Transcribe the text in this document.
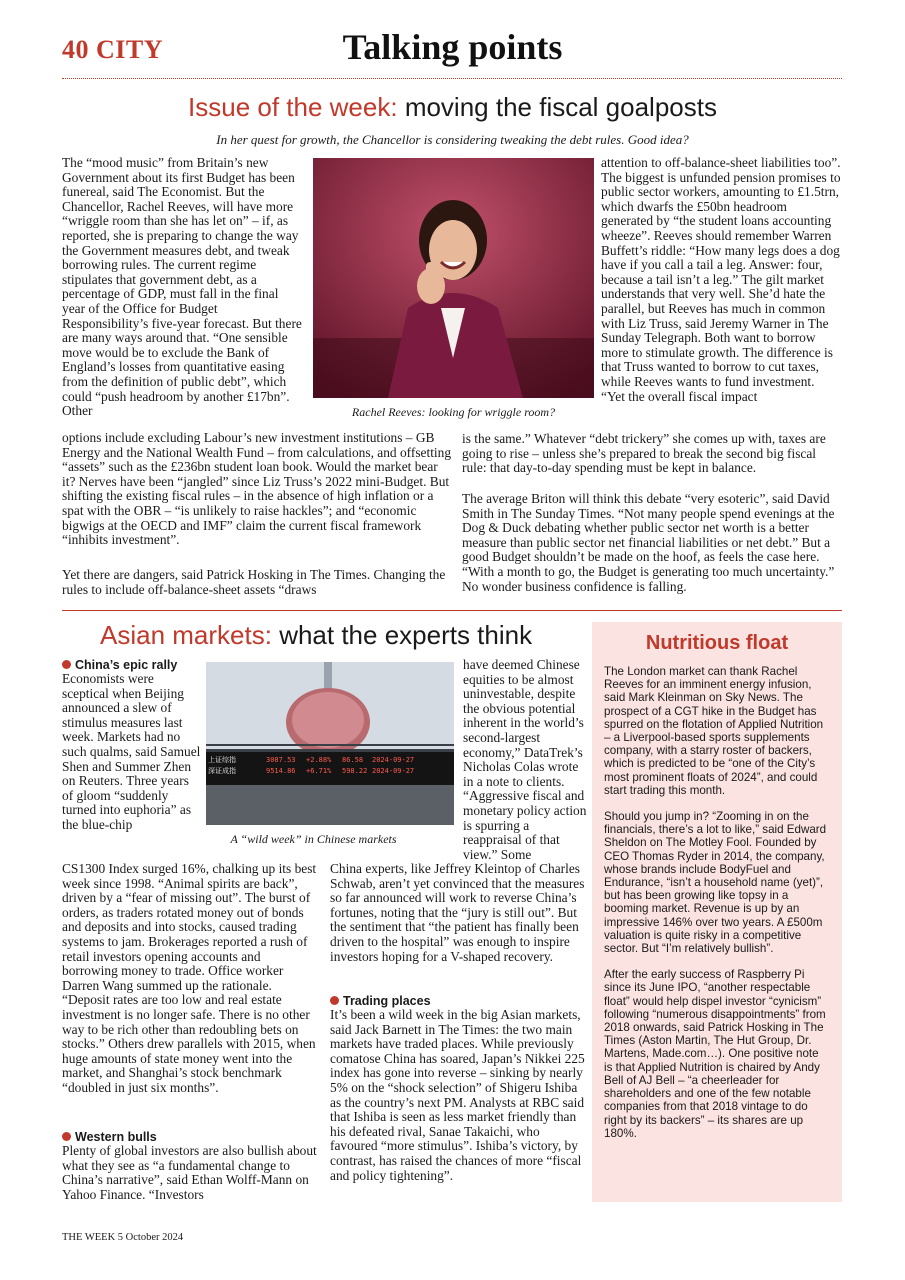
40 CITY	Talking points
Issue of the week: moving the fiscal goalposts
In her quest for growth, the Chancellor is considering tweaking the debt rules. Good idea?
The “mood music” from Britain’s new Government about its first Budget has been funereal, said The Economist. But the Chancellor, Rachel Reeves, will have more “wriggle room than she has let on” – if, as reported, she is preparing to change the way the Government measures debt, and tweak borrowing rules. The current regime stipulates that government debt, as a percentage of GDP, must fall in the final year of the Office for Budget Responsibility’s five-year forecast. But there are many ways around that. “One sensible move would be to exclude the Bank of England’s losses from quantitative easing from the definition of public debt”, which could “push headroom by another £17bn”. Other	Rachel Reeves: looking for wriggle room?
options include excluding Labour’s new investment institutions – GB Energy and the National Wealth Fund – from calculations, and offsetting “assets” such as the £236bn student loan book. Would the market bear it? Nerves have been “jangled” since Liz Truss’s 2022 mini-Budget. But shifting the existing fiscal rules – in the absence of high inflation or a spat with the OBR – “is unlikely to raise hackles”; and “economic bigwigs at the OECD and IMF” claim the current fiscal framework “inhibits investment”.
Yet there are dangers, said Patrick Hosking in The Times. Changing the rules to include off-balance-sheet assets “draws
attention to off-balance-sheet liabilities too”. The biggest is unfunded pension promises to public sector workers, amounting to £1.5trn, which dwarfs the £50bn headroom generated by “the student loans accounting wheeze”. Reeves should remember Warren Buffett’s riddle: “How many legs does a dog have if you call a tail a leg. Answer: four, because a tail isn’t a leg.” The gilt market understands that very well. She’d hate the parallel, but Reeves has much in common with Liz Truss, said Jeremy Warner in The Sunday Telegraph. Both want to borrow more to stimulate growth. The difference is that Truss wanted to borrow to cut taxes, while Reeves wants to fund investment. “Yet the overall fiscal impact
is the same.” Whatever “debt trickery” she comes up with, taxes are going to rise – unless she’s prepared to break the second big fiscal rule: that day-to-day spending must be kept in balance.
The average Briton will think this debate “very esoteric”, said David Smith in The Sunday Times. “Not many people spend evenings at the Dog & Duck debating whether public sector net worth is a better measure than public sector net financial liabilities or net debt.” But a good Budget shouldn’t be made on the hoof, as feels the case here. “With a month to go, the Budget is generating too much uncertainty.” No wonder business confidence is falling.
Asian markets: what the experts think
China’s epic rally

Economists were sceptical when Beijing announced a slew of stimulus measures last week. Markets had no such qualms, said Samuel Shen and Summer Zhen on Reuters. Three years of gloom “suddenly turned into euphoria” as the blue-chip

上证综指	3087.53 +2.88% 86.58 2024-09-27
深证成指	9514.86 +6.71% 598.22 2024-09-27
A “wild week” in Chinese markets
CS1300 Index surged 16%, chalking up its best week since 1998. “Animal spirits are back”, driven by a “fear of missing out”. The burst of orders, as traders rotated money out of bonds and deposits and into stocks, caused trading systems to jam. Brokerages reported a rush of retail investors opening accounts and borrowing money to trade. Office worker Darren Wang summed up the rationale. “Deposit rates are too low and real estate investment is no longer safe. There is no other way to be rich other than redoubling bets on stocks.” Others drew parallels with 2015, when huge amounts of state money went into the market, and Shanghai’s stock benchmark “doubled in just six months”.
Western bulls

Plenty of global investors are also bullish about what they see as “a fundamental change to China’s narrative”, said Ethan Wolff-Mann on Yahoo Finance. “Investors

have deemed Chinese equities to be almost uninvestable, despite the obvious potential inherent in the world’s second-largest economy,” DataTrek’s Nicholas Colas wrote in a note to clients. “Aggressive fiscal and monetary policy action is spurring a reappraisal of that view.” Some
China experts, like Jeffrey Kleintop of Charles Schwab, aren’t yet convinced that the measures so far announced will work to reverse China’s fortunes, noting that the “jury is still out”. But the sentiment that “the patient has finally been driven to the hospital” was enough to inspire investors hoping for a V-shaped recovery.
Trading places

It’s been a wild week in the big Asian markets, said Jack Barnett in The Times: the two main markets have traded places. While previously comatose China has soared, Japan’s Nikkei 225 index has gone into reverse – sinking by nearly 5% on the “shock selection” of Shigeru Ishiba as the country’s next PM. Analysts at RBC said that Ishiba is seen as less market friendly than his defeated rival, Sanae Takaichi, who favoured “more stimulus”. Ishiba’s victory, by contrast, has raised the chances of more “fiscal and policy tightening”.

Nutritious float
The London market can thank Rachel Reeves for an imminent energy infusion, said Mark Kleinman on Sky News. The prospect of a CGT hike in the Budget has spurred on the flotation of Applied Nutrition – a Liverpool-based sports supplements company, with a starry roster of backers, which is predicted to be “one of the City’s most prominent floats of 2024”, and could start trading this month.
Should you jump in? “Zooming in on the financials, there’s a lot to like,” said Edward Sheldon on The Motley Fool. Founded by CEO Thomas Ryder in 2014, the company, whose brands include BodyFuel and Endurance, “isn’t a household name (yet)”, but has been growing like topsy in a booming market. Revenue is up by an impressive 146% over two years. A £500m valuation is quite risky in a competitive sector. But “I’m relatively bullish”.
After the early success of Raspberry Pi since its June IPO, “another respectable float” would help dispel investor “cynicism” following “numerous disappointments” from 2018 onwards, said Patrick Hosking in The Times (Aston Martin, The Hut Group, Dr. Martens, Made.com…). One positive note is that Applied Nutrition is chaired by Andy Bell of AJ Bell – “a cheerleader for shareholders and one of the few notable companies from that 2018 vintage to do right by its backers” – its shares are up 180%.
THE WEEK 5 October 2024
